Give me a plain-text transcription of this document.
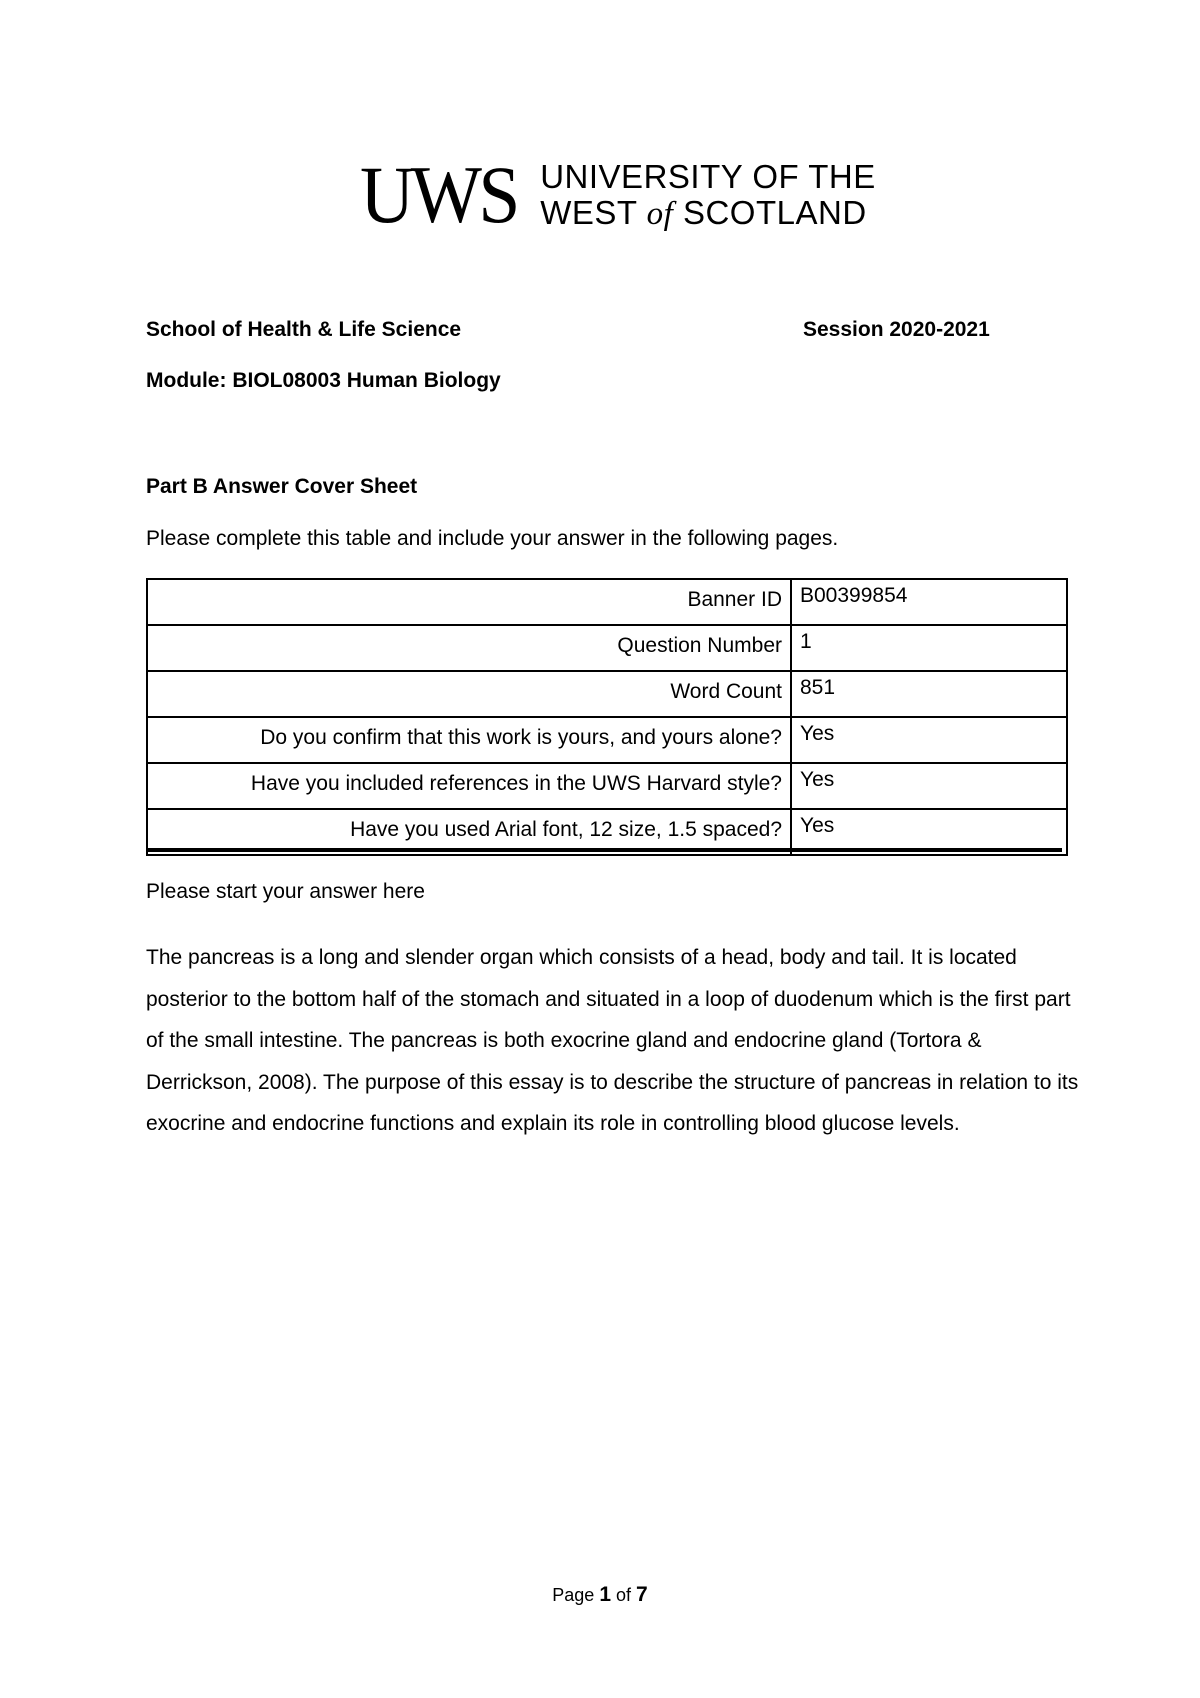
UWS UNIVERSITY OF THE
WEST of SCOTLAND
School of Health & Life Science	Session 2020-2021
Module: BIOL08003 Human Biology
Part B Answer Cover Sheet
Please complete this table and include your answer in the following pages.
Banner ID	B00399854
Question Number	1
Word Count	851
Do you confirm that this work is yours, and yours alone?	Yes
Have you included references in the UWS Harvard style?	Yes
Have you used Arial font, 12 size, 1.5 spaced?	Yes
Please start your answer here

The pancreas is a long and slender organ which consists of a head, body and tail. It is located posterior to the bottom half of the stomach and situated in a loop of duodenum which is the first part of the small intestine. The pancreas is both exocrine gland and endocrine gland (Tortora & Derrickson, 2008). The purpose of this essay is to describe the structure of pancreas in relation to its exocrine and endocrine functions and explain its role in controlling blood glucose levels.

Page 1 of 7
